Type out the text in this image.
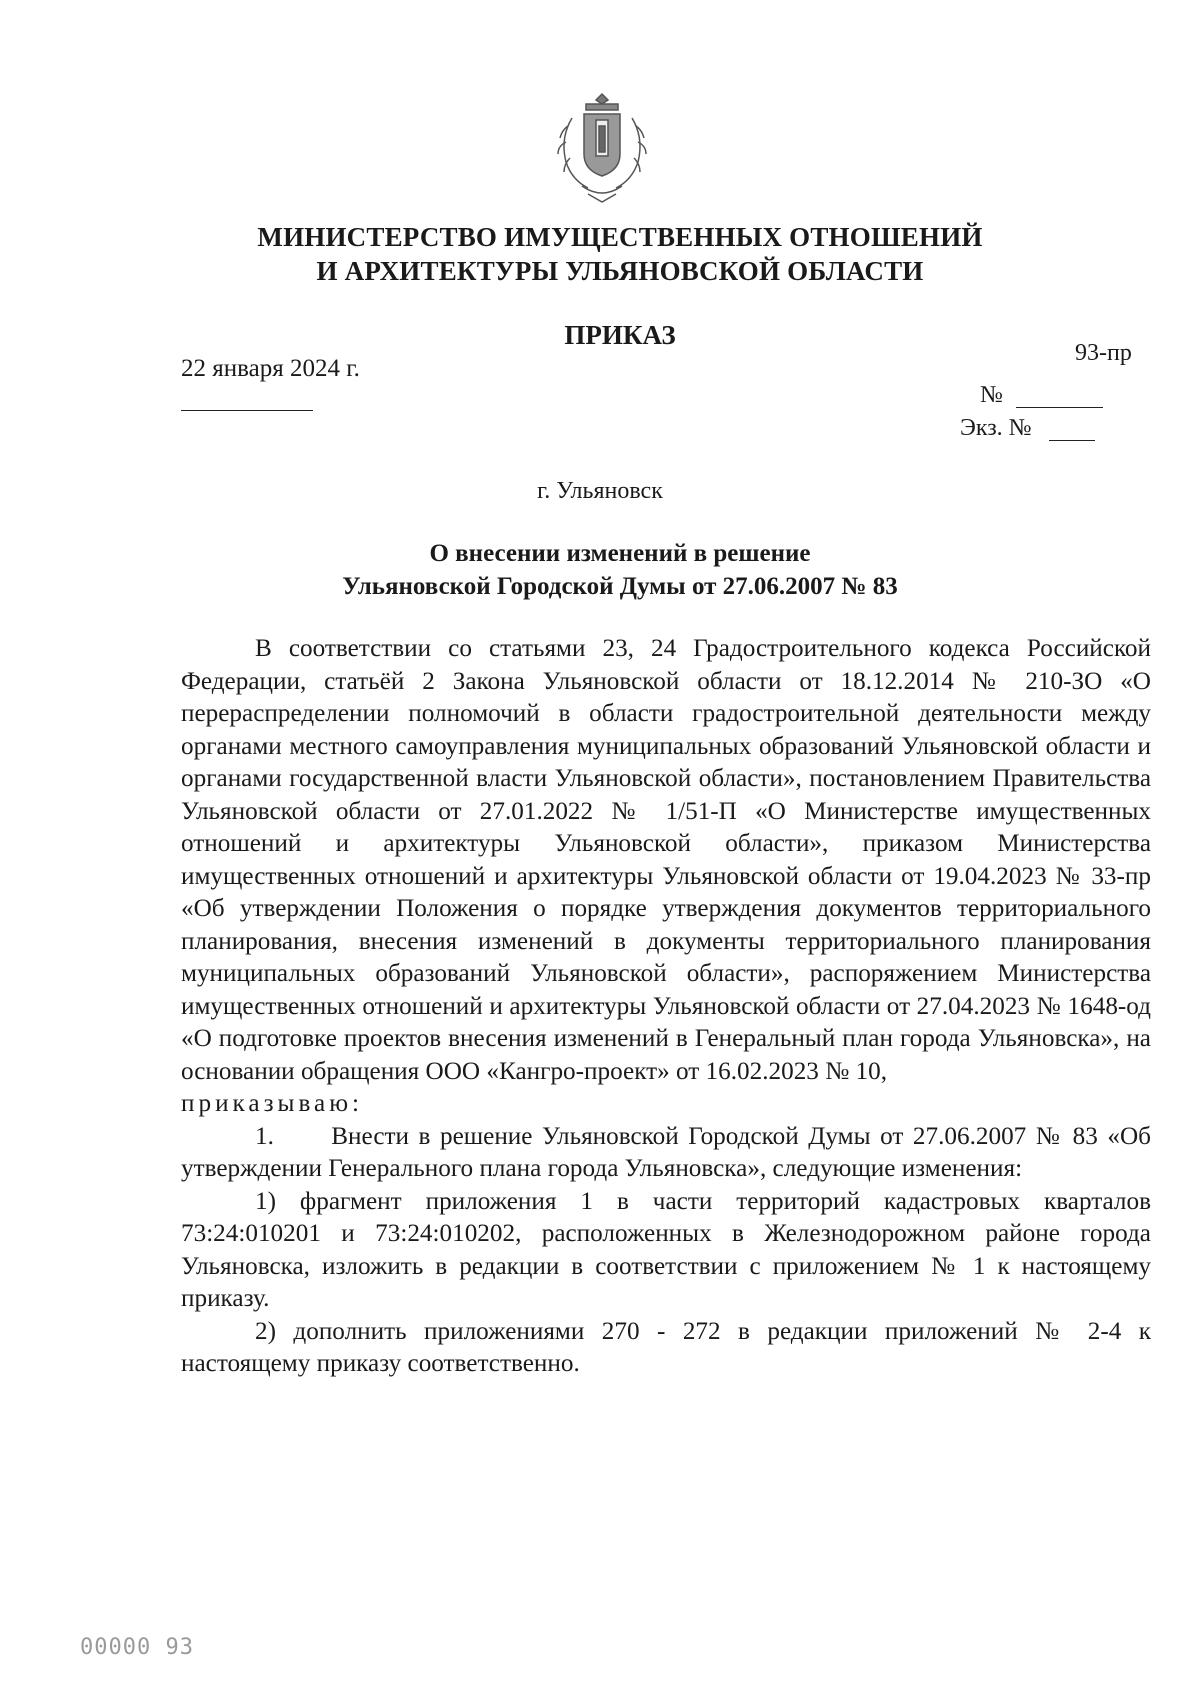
МИНИСТЕРСТВО ИМУЩЕСТВЕННЫХ ОТНОШЕНИЙ
И АРХИТЕКТУРЫ УЛЬЯНОВСКОЙ ОБЛАСТИ
ПРИКАЗ
22 января 2024 г.
93-пр
№
Экз. №
г. Ульяновск
О внесении изменений в решение
Ульяновской Городской Думы от 27.06.2007 № 83

В соответствии со статьями 23, 24 Градостроительного кодекса Российской Федерации, статьёй 2 Закона Ульяновской области от 18.12.2014 № 210-ЗО «О перераспределении полномочий в области градостроительной деятельности между органами местного самоуправления муниципальных образований Ульяновской области и органами государственной власти Ульяновской области», постановлением Правительства Ульяновской области от 27.01.2022 № 1/51-П «О Министерстве имущественных отношений и архитектуры Ульяновской области», приказом Министерства имущественных отношений и архитектуры Ульяновской области от 19.04.2023 № 33-пр «Об утверждении Положения о порядке утверждения документов территориального планирования, внесения изменений в документы территориального планирования муниципальных образований Ульяновской области», распоряжением Министерства имущественных отношений и архитектуры Ульяновской области от 27.04.2023 № 1648-од «О подготовке проектов внесения изменений в Генеральный план города Ульяновска», на основании обращения ООО «Кангро-проект» от 16.02.2023 № 10,

приказываю:

1.      Внести в решение Ульяновской Городской Думы от 27.06.2007 № 83 «Об утверждении Генерального плана города Ульяновска», следующие изменения:

1) фрагмент приложения 1 в части территорий кадастровых кварталов 73:24:010201 и 73:24:010202, расположенных в Железнодорожном районе города Ульяновска, изложить в редакции в соответствии с приложением № 1 к настоящему приказу.

2) дополнить приложениями 270 - 272 в редакции приложений № 2-4 к настоящему приказу соответственно.

00000 93
